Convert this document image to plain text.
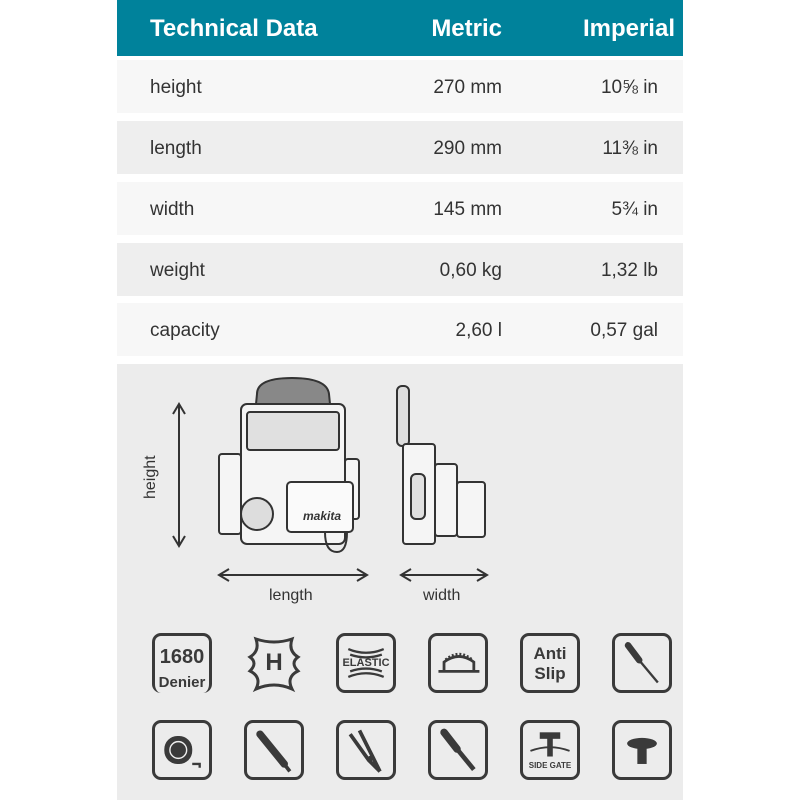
Technical Data	Metric	Imperial
height	270 mm	10⅝ in
length	290 mm	11⅜ in
width	145 mm	5¾ in
weight	0,60 kg	1,32 lb
capacity	2,60 l	0,57 gal
makita
height
length	width
1680
Denier
H	ELASTIC	Anti
Slip
SIDE GATE
